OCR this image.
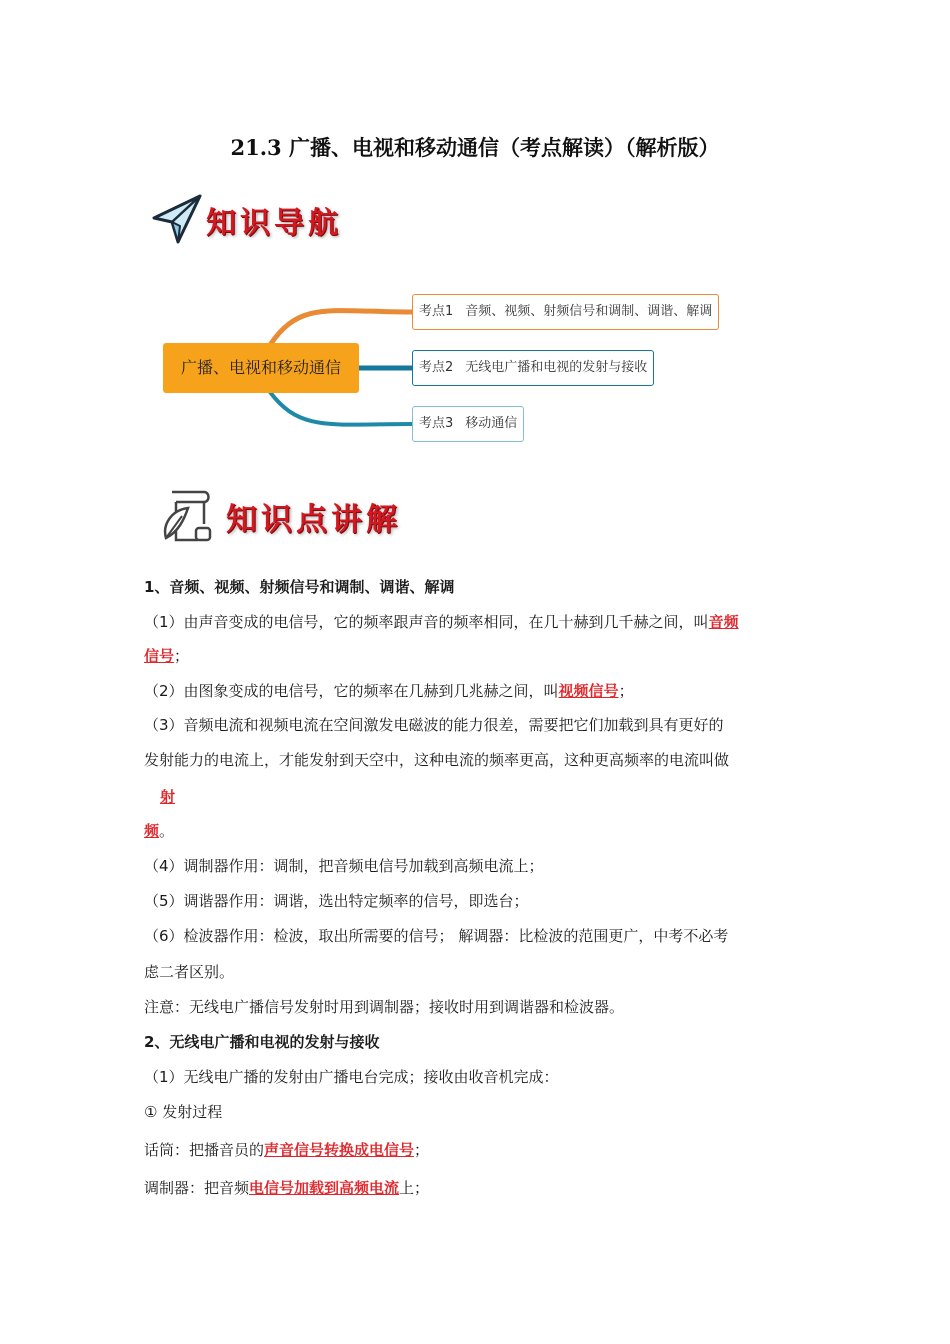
21.3 广播、电视和移动通信（考点解读）（解析版）
知识导航
广播、电视和移动通信
考点1 音频、视频、射频信号和调制、调谐、解调
考点2 无线电广播和电视的发射与接收
考点3 移动通信
知识点讲解
1、音频、视频、射频信号和调制、调谐、解调
（1）由声音变成的电信号，它的频率跟声音的频率相同，在几十赫到几千赫之间，叫音频
信号；
（2）由图象变成的电信号，它的频率在几赫到几兆赫之间，叫视频信号；
（3）音频电流和视频电流在空间激发电磁波的能力很差，需要把它们加载到具有更好的
发射能力的电流上，才能发射到天空中，这种电流的频率更高，这种更高频率的电流叫做
射
频。
（4）调制器作用：调制，把音频电信号加载到高频电流上；
（5）调谐器作用：调谐，选出特定频率的信号，即选台；
（6）检波器作用：检波，取出所需要的信号； 解调器：比检波的范围更广，中考不必考
虑二者区别。
注意：无线电广播信号发射时用到调制器；接收时用到调谐器和检波器。
2、无线电广播和电视的发射与接收
（1）无线电广播的发射由广播电台完成；接收由收音机完成：
① 发射过程
话筒：把播音员的声音信号转换成电信号；
调制器：把音频电信号加载到高频电流上；
